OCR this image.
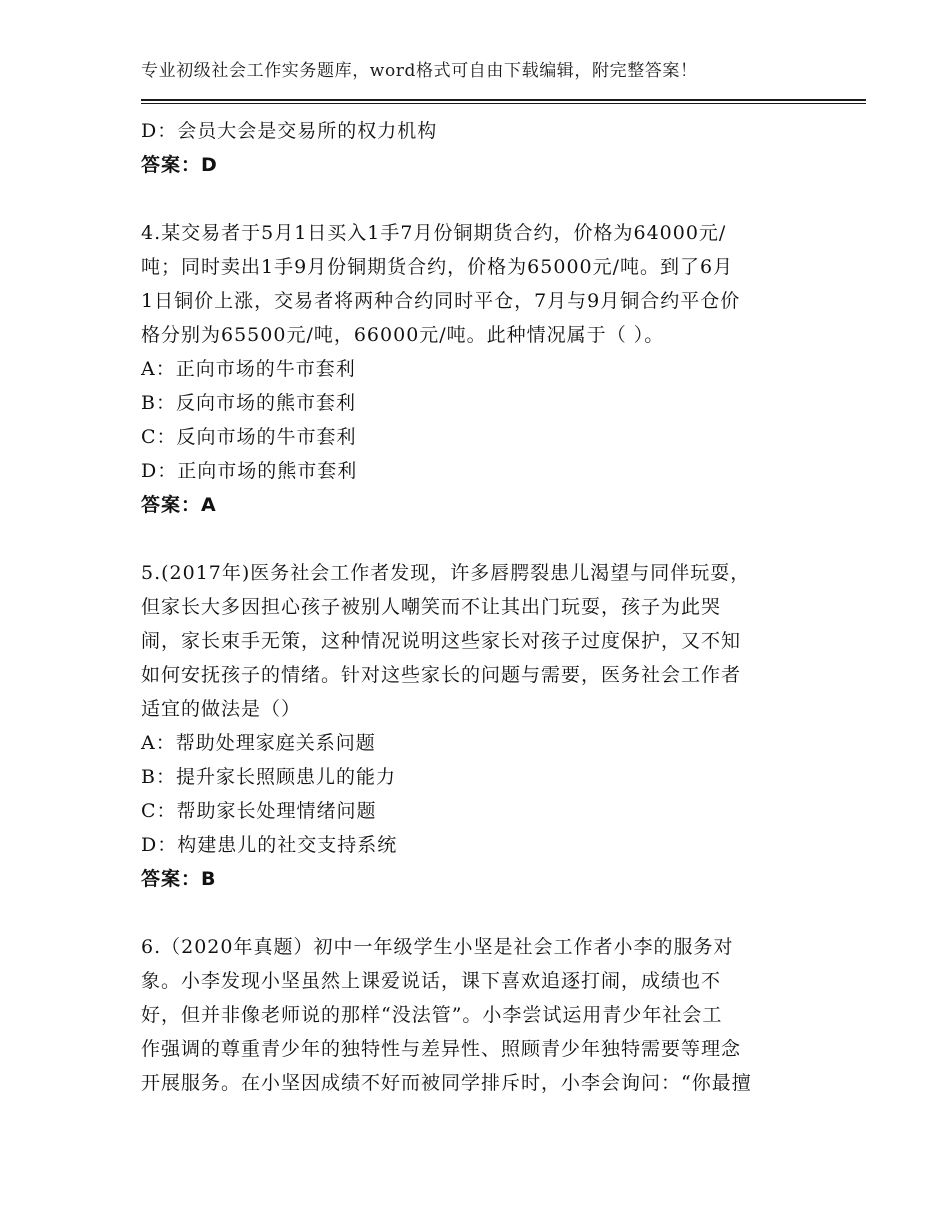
专业初级社会工作实务题库，word格式可自由下载编辑，附完整答案！
D：会员大会是交易所的权力机构
答案：D
4.某交易者于5月1日买入1手7月份铜期货合约，价格为64000元/
吨；同时卖出1手9月份铜期货合约，价格为65000元/吨。到了6月
1日铜价上涨，交易者将两种合约同时平仓，7月与9月铜合约平仓价
格分别为65500元/吨，66000元/吨。此种情况属于（ ）。
A：正向市场的牛市套利
B：反向市场的熊市套利
C：反向市场的牛市套利
D：正向市场的熊市套利
答案：A
5.(2017年)医务社会工作者发现，许多唇腭裂患儿渴望与同伴玩耍，
但家长大多因担心孩子被别人嘲笑而不让其出门玩耍，孩子为此哭
闹，家长束手无策，这种情况说明这些家长对孩子过度保护，又不知
如何安抚孩子的情绪。针对这些家长的问题与需要，医务社会工作者
适宜的做法是（）
A：帮助处理家庭关系问题
B：提升家长照顾患儿的能力
C：帮助家长处理情绪问题
D：构建患儿的社交支持系统
答案：B
6.（2020年真题）初中一年级学生小坚是社会工作者小李的服务对
象。小李发现小坚虽然上课爱说话，课下喜欢追逐打闹，成绩也不
好，但并非像老师说的那样“没法管”。小李尝试运用青少年社会工
作强调的尊重青少年的独特性与差异性、照顾青少年独特需要等理念
开展服务。在小坚因成绩不好而被同学排斥时，小李会询问：“你最擅
